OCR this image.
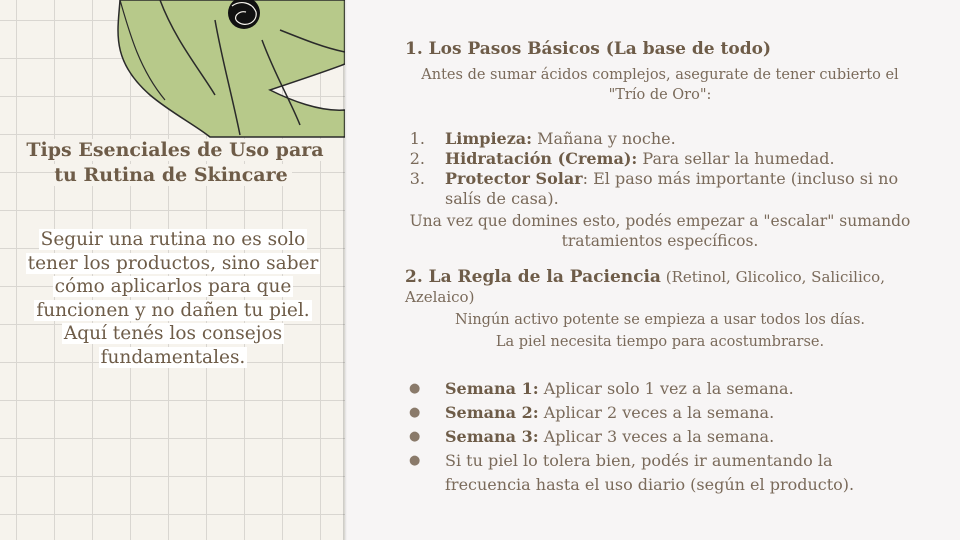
Tips Esenciales de Uso para tu Rutina de Skincare
Seguir una rutina no es solo tener los productos, sino saber cómo aplicarlos para que funcionen y no dañen tu piel. Aquí tenés los consejos fundamentales.
1. Los Pasos Básicos (La base de todo)
Antes de sumar ácidos complejos, asegurate de tener cubierto el "Trío de Oro":
1. Limpieza: Mañana y noche.
2. Hidratación (Crema): Para sellar la humedad.
3. Protector Solar: El paso más importante (incluso si no salís de casa).
Una vez que domines esto, podés empezar a "escalar" sumando tratamientos específicos.
2. La Regla de la Paciencia (Retinol, Glicolico, Salicilico, Azelaico)
Ningún activo potente se empieza a usar todos los días.
La piel necesita tiempo para acostumbrarse.
● Semana 1: Aplicar solo 1 vez a la semana.
● Semana 2: Aplicar 2 veces a la semana.
● Semana 3: Aplicar 3 veces a la semana.
● Si tu piel lo tolera bien, podés ir aumentando la frecuencia hasta el uso diario (según el producto).
